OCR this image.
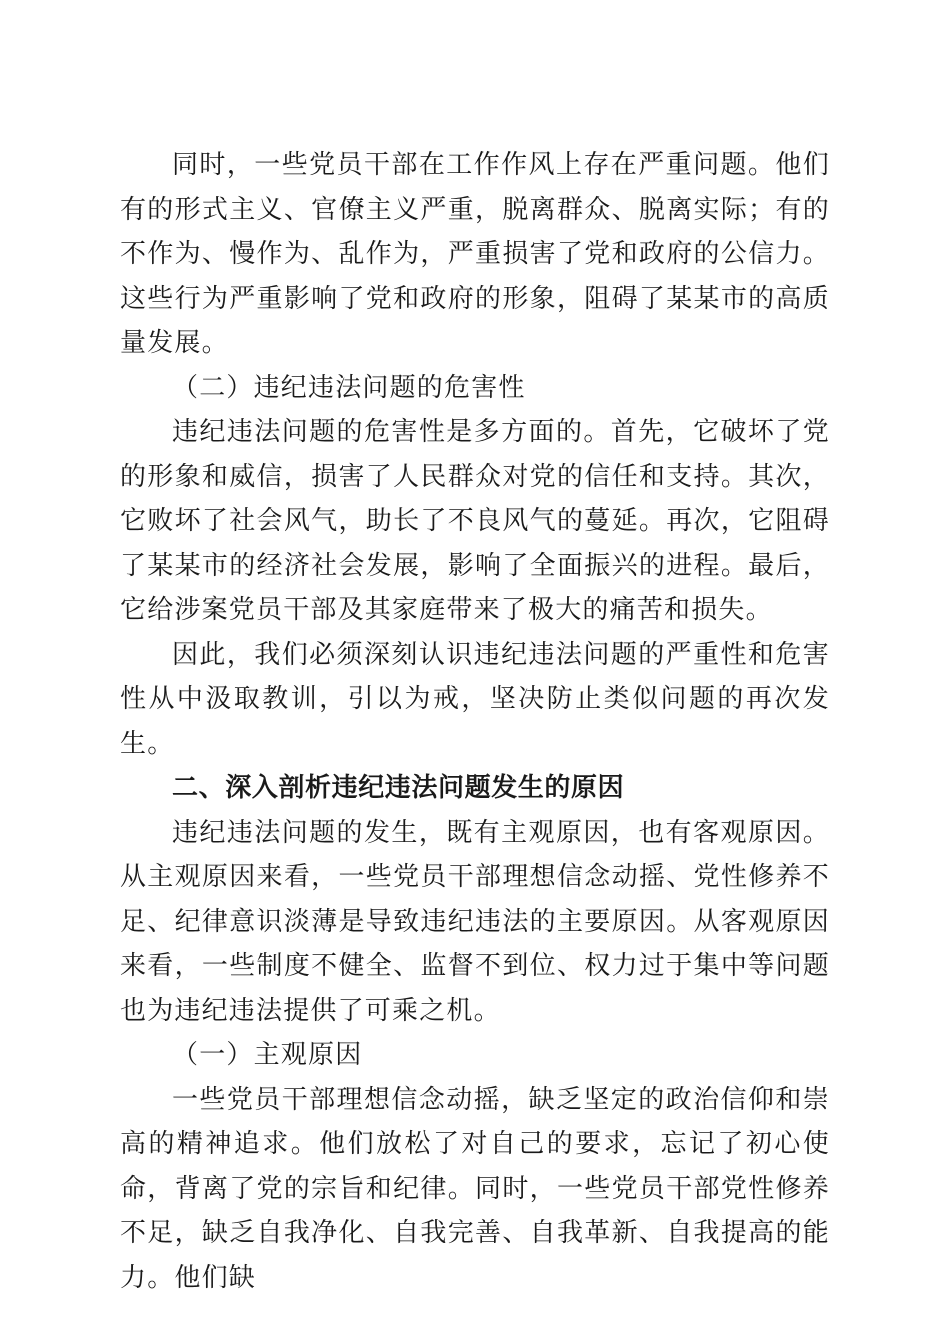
同时，一些党员干部在工作作风上存在严重问题。他们有的形式主义、官僚主义严重，脱离群众、脱离实际；有的不作为、慢作为、乱作为，严重损害了党和政府的公信力。这些行为严重影响了党和政府的形象，阻碍了某某市的高质量发展。

（二）违纪违法问题的危害性

违纪违法问题的危害性是多方面的。首先，它破坏了党的形象和威信，损害了人民群众对党的信任和支持。其次，它败坏了社会风气，助长了不良风气的蔓延。再次，它阻碍了某某市的经济社会发展，影响了全面振兴的进程。最后，它给涉案党员干部及其家庭带来了极大的痛苦和损失。

因此，我们必须深刻认识违纪违法问题的严重性和危害性从中汲取教训，引以为戒，坚决防止类似问题的再次发生。

二、深入剖析违纪违法问题发生的原因

违纪违法问题的发生，既有主观原因，也有客观原因。从主观原因来看，一些党员干部理想信念动摇、党性修养不足、纪律意识淡薄是导致违纪违法的主要原因。从客观原因来看，一些制度不健全、监督不到位、权力过于集中等问题也为违纪违法提供了可乘之机。

（一）主观原因

一些党员干部理想信念动摇，缺乏坚定的政治信仰和崇高的精神追求。他们放松了对自己的要求，忘记了初心使命，背离了党的宗旨和纪律。同时，一些党员干部党性修养不足，缺乏自我净化、自我完善、自我革新、自我提高的能力。他们缺
